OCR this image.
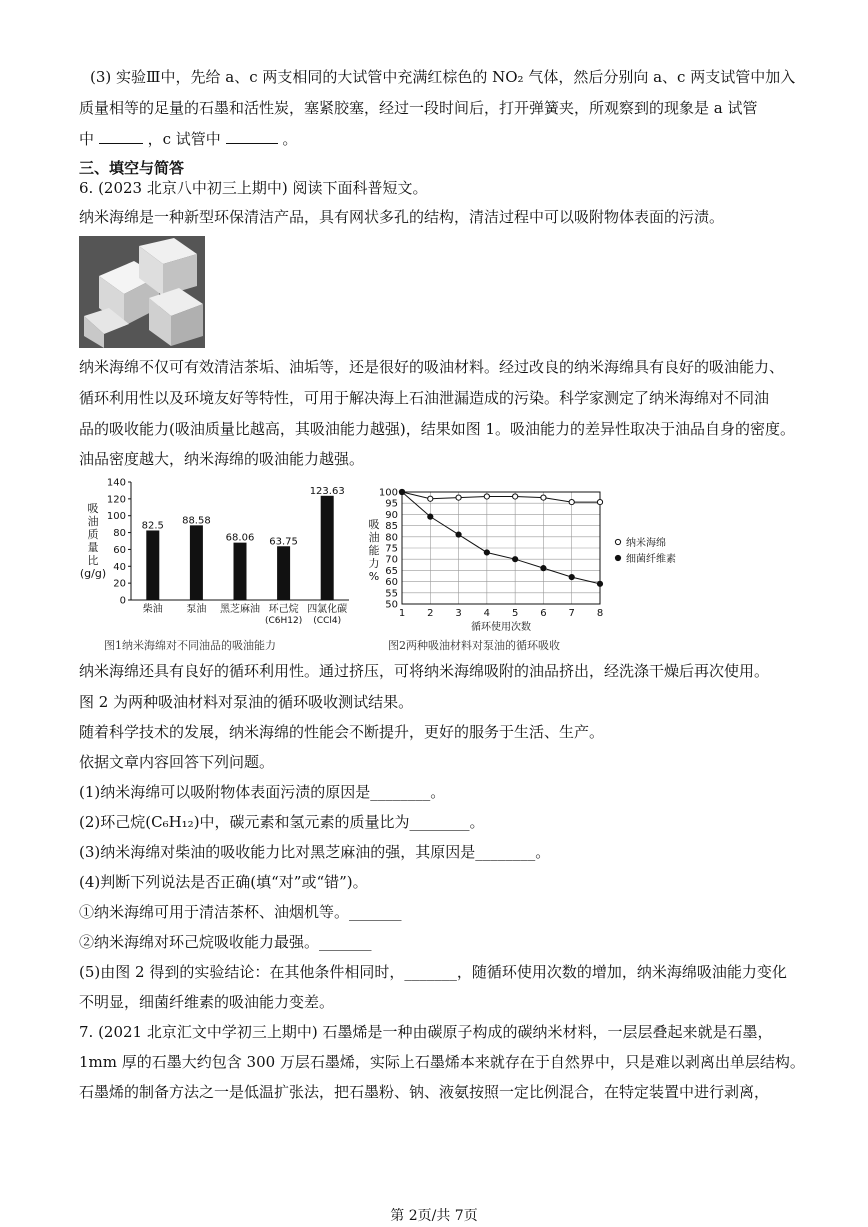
(3) 实验Ⅲ中，先给 a、c 两支相同的大试管中充满红棕色的 NO₂ 气体，然后分别向 a、c 两支试管中加入
质量相等的足量的石墨和活性炭，塞紧胶塞，经过一段时间后，打开弹簧夹，所观察到的现象是 a 试管
中	，c 试管中	。
三、填空与简答
6. (2023 北京八中初三上期中) 阅读下面科普短文。
纳米海绵是一种新型环保清洁产品，具有网状多孔的结构，清洁过程中可以吸附物体表面的污渍。
纳米海绵不仅可有效清洁茶垢、油垢等，还是很好的吸油材料。经过改良的纳米海绵具有良好的吸油能力、
循环利用性以及环境友好等特性，可用于解决海上石油泄漏造成的污染。科学家测定了纳米海绵对不同油
品的吸收能力(吸油质量比越高，其吸油能力越强)，结果如图 1。吸油能力的差异性取决于油品自身的密度。
油品密度越大，纳米海绵的吸油能力越强。
0
20
40
60
80
100
120
140
吸
油
质
量
比
(g/g)
82.5
柴油
88.58
泵油
68.06
黑芝麻油
63.75
环己烷
(C6H12)
123.63
四氯化碳
(CCl4)
图1纳米海绵对不同油品的吸油能力
50
55
60
65
70
75
80
85
90
95
100
1 2 3 4 5 6 7 8
循环使用次数
吸
油
能
力
%
纳米海绵
细菌纤维素
图2两种吸油材料对泵油的循环吸收
纳米海绵还具有良好的循环利用性。通过挤压，可将纳米海绵吸附的油品挤出，经洗涤干燥后再次使用。
图 2 为两种吸油材料对泵油的循环吸收测试结果。
随着科学技术的发展，纳米海绵的性能会不断提升，更好的服务于生活、生产。
依据文章内容回答下列问题。
(1)纳米海绵可以吸附物体表面污渍的原因是________。
(2)环己烷(C₆H₁₂)中，碳元素和氢元素的质量比为________。
(3)纳米海绵对柴油的吸收能力比对黑芝麻油的强，其原因是________。
(4)判断下列说法是否正确(填“对”或“错”)。
①纳米海绵可用于清洁茶杯、油烟机等。_______
②纳米海绵对环己烷吸收能力最强。_______
(5)由图 2 得到的实验结论：在其他条件相同时，_______，随循环使用次数的增加，纳米海绵吸油能力变化
不明显，细菌纤维素的吸油能力变差。
7. (2021 北京汇文中学初三上期中) 石墨烯是一种由碳原子构成的碳纳米材料，一层层叠起来就是石墨，
1mm 厚的石墨大约包含 300 万层石墨烯，实际上石墨烯本来就存在于自然界中，只是难以剥离出单层结构。
石墨烯的制备方法之一是低温扩张法，把石墨粉、钠、液氨按照一定比例混合，在特定装置中进行剥离，
第 2页/共 7页
